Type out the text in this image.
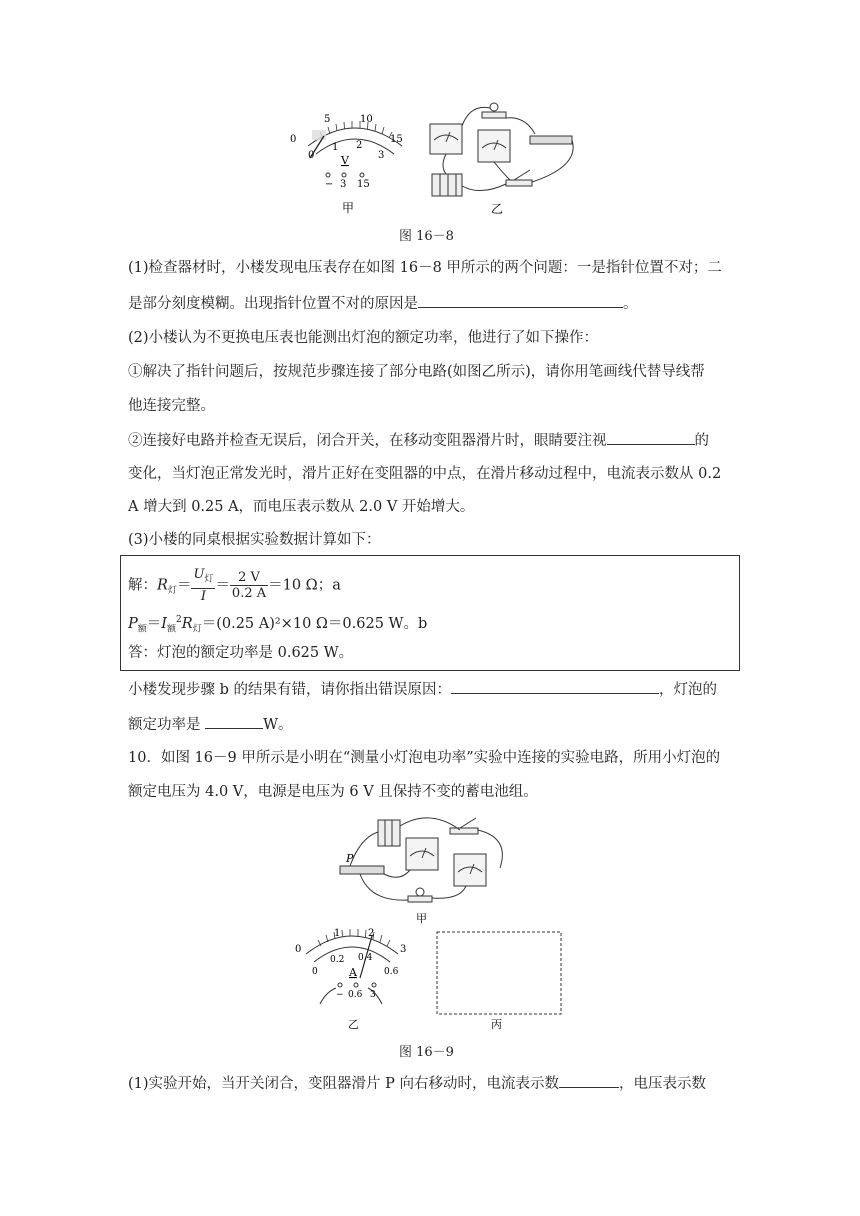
0
5	10
15
0
1 2
3
V
− 3 15
甲	乙
图 16－8
(1)检查器材时，小楼发现电压表存在如图 16－8 甲所示的两个问题：一是指针位置不对；二
是部分刻度模糊。出现指针位置不对的原因是	。
(2)小楼认为不更换电压表也能测出灯泡的额定功率，他进行了如下操作：
①解决了指针问题后，按规范步骤连接了部分电路(如图乙所示)，请你用笔画线代替导线帮
他连接完整。
②连接好电路并检查无误后，闭合开关，在移动变阻器滑片时，眼睛要注视	的
变化，当灯泡正常发光时，滑片正好在变阻器的中点，在滑片移动过程中，电流表示数从 0.2
A 增大到 0.25 A，而电压表示数从 2.0 V 开始增大。
(3)小楼的同桌根据实验数据计算如下：
解：$R_灯= \frac{U_灯}{I} = \frac{2 V}{0.2 A} =10$ Ω；a
$P_额=I_额^2R_灯=(0.25$ A)²×10 Ω＝0.625 W。b
答：灯泡的额定功率是 0.625 W。
小楼发现步骤 b 的结果有错，请你指出错误原因：	，灯泡的
额定功率是	W。
10．如图 16－9 甲所示是小明在“测量小灯泡电功率”实验中连接的实验电路，所用小灯泡的
额定电压为 4.0 V，电源是电压为 6 V 且保持不变的蓄电池组。
P
甲
0
1	2
3
0
0.2 0.4
0.6
A
− 0.6 3
乙	丙
图 16－9
(1)实验开始，当开关闭合，变阻器滑片 P 向右移动时，电流表示数	，电压表示数
